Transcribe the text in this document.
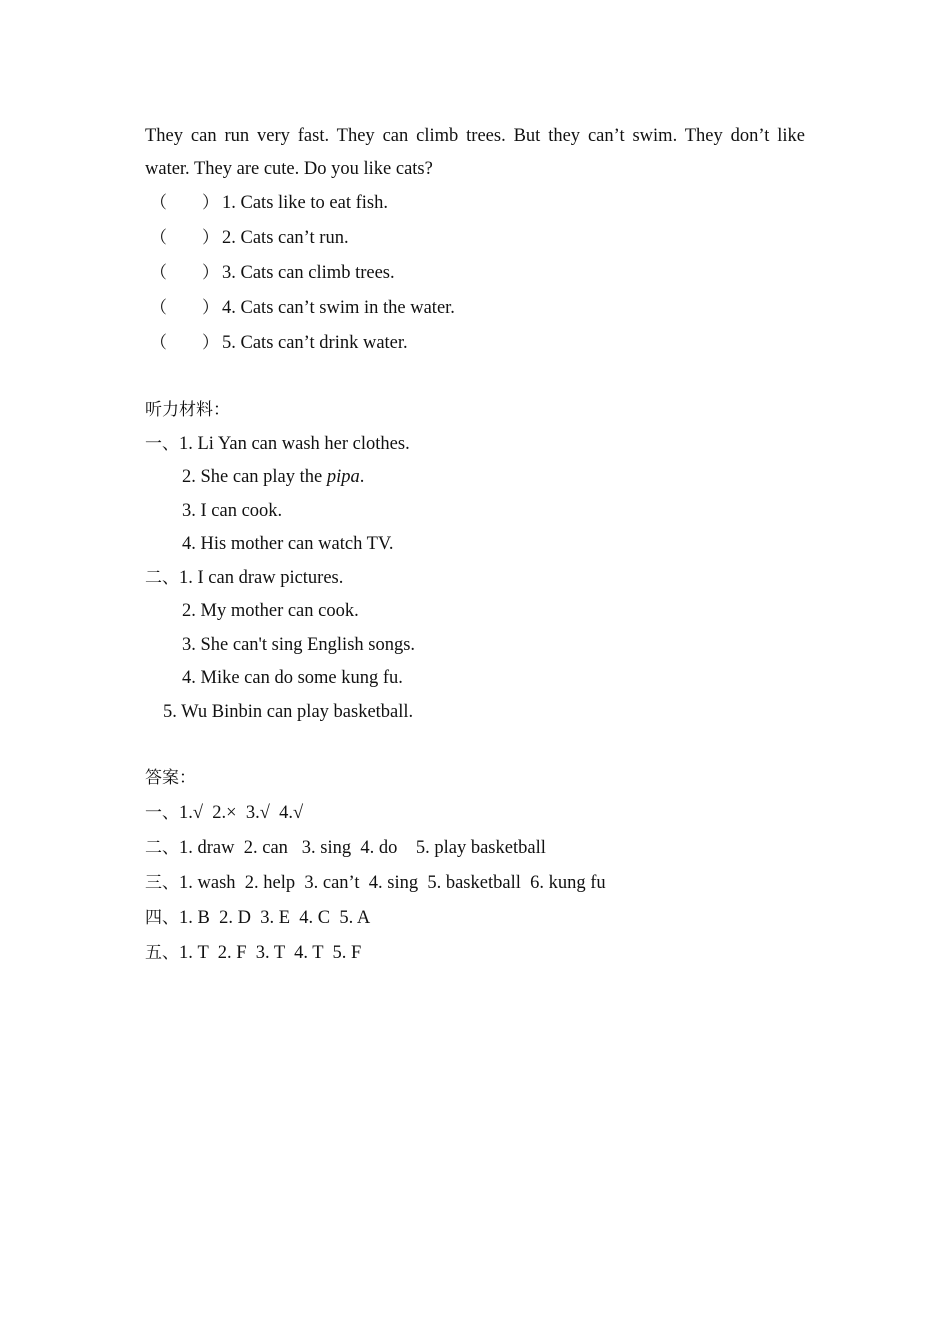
They can run very fast. They can climb trees. But they can’t swim. They don’t like water. They are cute. Do you like cats?

（	） 1. Cats like to eat fish.
（	） 2. Cats can’t run.
（	） 3. Cats can climb trees.
（	） 4. Cats can’t swim in the water.
（	） 5. Cats can’t drink water.
听力材料：
一、1. Li Yan can wash her clothes.
2. She can play the pipa.
3. I can cook.
4. His mother can watch TV.
二、1. I can draw pictures.
2. My mother can cook.
3. She can't sing English songs.
4. Mike can do some kung fu.
5. Wu Binbin can play basketball.
答案：
一、1.√  2.×  3.√  4.√
二、1. draw  2. can   3. sing  4. do    5. play basketball
三、1. wash  2. help  3. can’t  4. sing  5. basketball  6. kung fu
四、1. B  2. D  3. E  4. C  5. A
五、1. T  2. F  3. T  4. T  5. F
